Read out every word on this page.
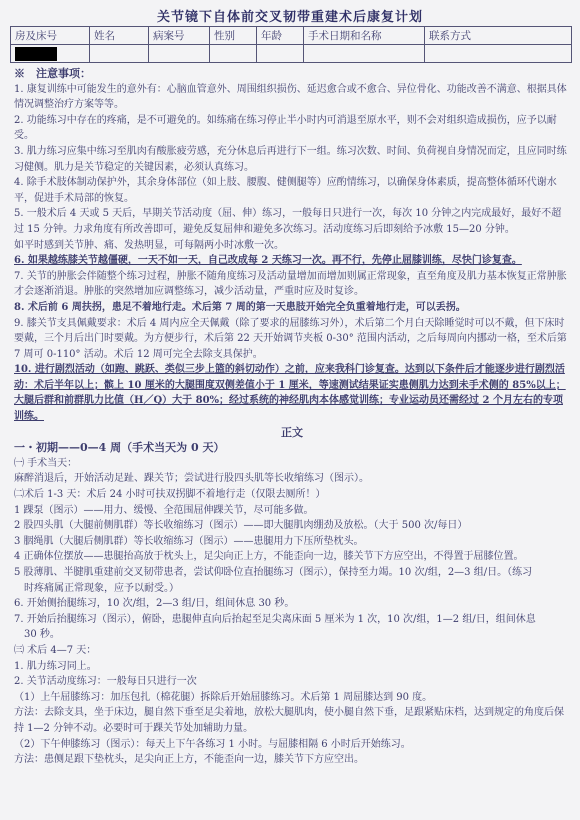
关节镜下自体前交叉韧带重建术后康复计划
房及床号	姓名	病案号	性别	年龄	手术日期和名称	联系方式

※　注意事项：

1. 康复训练中可能发生的意外有：心脑血管意外、周围组织损伤、延迟愈合或不愈合、异位骨化、功能改善不满意、根据具体情况调整治疗方案等等。

2. 功能练习中存在的疼痛，是不可避免的。如练痛在练习停止半小时内可消退至原水平，则不会对组织造成损伤，应予以耐受。

3. 肌力练习应集中练习至肌肉有酸胀疲劳感，充分休息后再进行下一组。练习次数、时间、负荷视自身情况而定，且应同时练习健侧。肌力是关节稳定的关键因素，必须认真练习。

4. 除手术肢体制动保护外，其余身体部位（如上肢、腰腹、健侧腿等）应酌情练习，以确保身体素质，提高整体循环代谢水平，促进手术局部的恢复。

5. 一般术后 4 天或 5 天后，早期关节活动度（屈、伸）练习，一般每日只进行一次，每次 10 分钟之内完成最好，最好不超过 15 分钟。力求角度有所改善即可，避免反复屈伸和避免多次练习。活动度练习后即刻给予冰敷 15—20 分钟。

如平时感到关节肿、痛、发热明显，可每隔两小时冰敷一次。

6. 如果越练膝关节越僵硬，一天不如一天，自己改成每 2 天练习一次。再不行，先停止屈膝训练，尽快门诊复查。

7. 关节的肿胀会伴随整个练习过程，肿胀不随角度练习及活动量增加而增加则属正常现象，直至角度及肌力基本恢复正常肿胀才会逐渐消退。肿胀的突然增加应调整练习，减少活动量，严重时应及时复诊。

8. 术后前 6 周扶拐，患足不着地行走。术后第 7 周的第一天患肢开始完全负重着地行走，可以丢拐。

9. 膝关节支具佩戴要求：术后 4 周内应全天佩戴（除了要求的屈膝练习外），术后第二个月白天除睡觉时可以不戴，但下床时要戴，三个月后出门时要戴。为方便步行，术后第 22 天开始调节夹板 0-30° 范围内活动，之后每周向内挪动一格，至术后第 7 周可 0-110° 活动。术后 12 周可完全去除支具保护。

10. 进行剧烈活动（如跑、跳跃、类似三步上篮的斜切动作）之前，应来我科门诊复查。达到以下条件后才能逐步进行剧烈活动：术后半年以上；髌上 10 厘米的大腿围度双侧差值小于 1 厘米，等速测试结果证实患侧肌力达到未手术侧的 85%以上；大腿后群和前群肌力比值（H／Q）大于 80%；经过系统的神经肌肉本体感觉训练；专业运动员还需经过 2 个月左右的专项训练。

正文

一・初期——0—4 周（手术当天为 0 天）

㈠ 手术当天：

麻醉消退后，开始活动足趾、踝关节；尝试进行股四头肌等长收缩练习（图示）。

㈡术后 1-3 天：术后 24 小时可扶双拐脚不着地行走（仅限去厕所！）

1 踝泵（图示）——用力、缓慢、全范围屈伸踝关节，尽可能多做。

2 股四头肌（大腿前侧肌群）等长收缩练习（图示）——即大腿肌肉绷劲及放松。（大于 500 次/每日）

3 胭绳肌（大腿后侧肌群）等长收缩练习（图示）——患腿用力下压所垫枕头。

4 正确体位摆放——患腿抬高放于枕头上，足尖向正上方，不能歪向一边，膝关节下方应空出，不得置于屈膝位置。

5 股薄肌、半腱肌重建前交叉韧带患者，尝试仰卧位直抬腿练习（图示），保持至力竭。10 次/组，2—3 组/日。（练习

时疼痛属正常现象，应予以耐受。）

6. 开始侧抬腿练习，10 次/组，2—3 组/日，组间休息 30 秒。

7. 开始后抬腿练习（图示），俯卧，患腿伸直向后抬起至足尖离床面 5 厘米为 1 次，10 次/组，1—2 组/日，组间休息

30 秒。

㈢ 术后 4—7 天：

1. 肌力练习同上。

2. 关节活动度练习：一般每日只进行一次

（1）上午屈膝练习：加压包扎（棉花腿）拆除后开始屈膝练习。术后第 1 周屈膝达到 90 度。

方法：去除支具，坐于床边，腿自然下垂至足尖着地，放松大腿肌肉，使小腿自然下垂，足跟紧贴床档，达到规定的角度后保持 1—2 分钟不动。必要时可于踝关节处加辅助力量。

（2）下午伸膝练习（图示）：每天上下午各练习 1 小时。与屈膝相隔 6 小时后开始练习。

方法：患侧足跟下垫枕头，足尖向正上方，不能歪向一边，膝关节下方应空出。
